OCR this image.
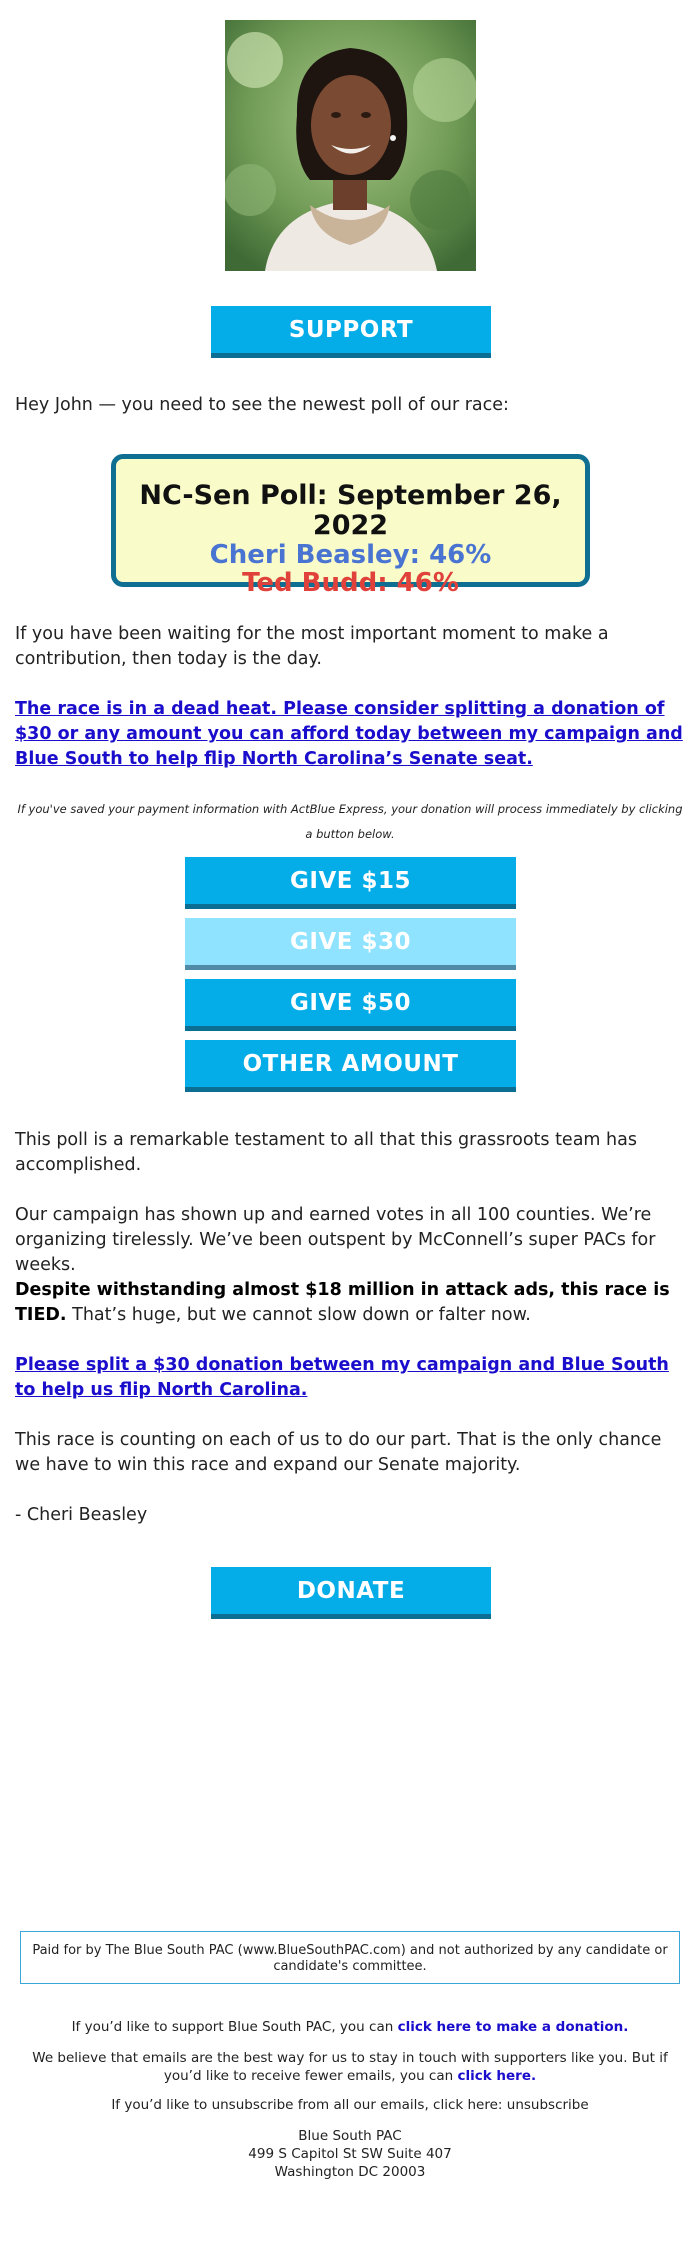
SUPPORT
Hey John — you need to see the newest poll of our race:
NC-Sen Poll: September 26, 2022
Cheri Beasley: 46%
Ted Budd: 46%
If you have been waiting for the most important moment to make a contribution, then today is the day.
The race is in a dead heat. Please consider splitting a donation of $30 or any amount you can afford today between my campaign and Blue South to help flip North Carolina’s Senate seat.
If you've saved your payment information with ActBlue Express, your donation will process immediately by clicking a button below.
GIVE $15
GIVE $30
GIVE $50
OTHER AMOUNT
This poll is a remarkable testament to all that this grassroots team has accomplished.
Our campaign has shown up and earned votes in all 100 counties. We’re organizing tirelessly. We’ve been outspent by McConnell’s super PACs for weeks.
Despite withstanding almost $18 million in attack ads, this race is TIED. That’s huge, but we cannot slow down or falter now.
Please split a $30 donation between my campaign and Blue South to help us flip North Carolina.
This race is counting on each of us to do our part. That is the only chance we have to win this race and expand our Senate majority.
- Cheri Beasley
DONATE
Paid for by The Blue South PAC (www.BlueSouthPAC.com) and not authorized by any candidate or candidate's committee.
If you’d like to support Blue South PAC, you can click here to make a donation.
We believe that emails are the best way for us to stay in touch with supporters like you. But if you’d like to receive fewer emails, you can click here.
If you’d like to unsubscribe from all our emails, click here: unsubscribe
Blue South PAC
499 S Capitol St SW Suite 407
Washington DC 20003
